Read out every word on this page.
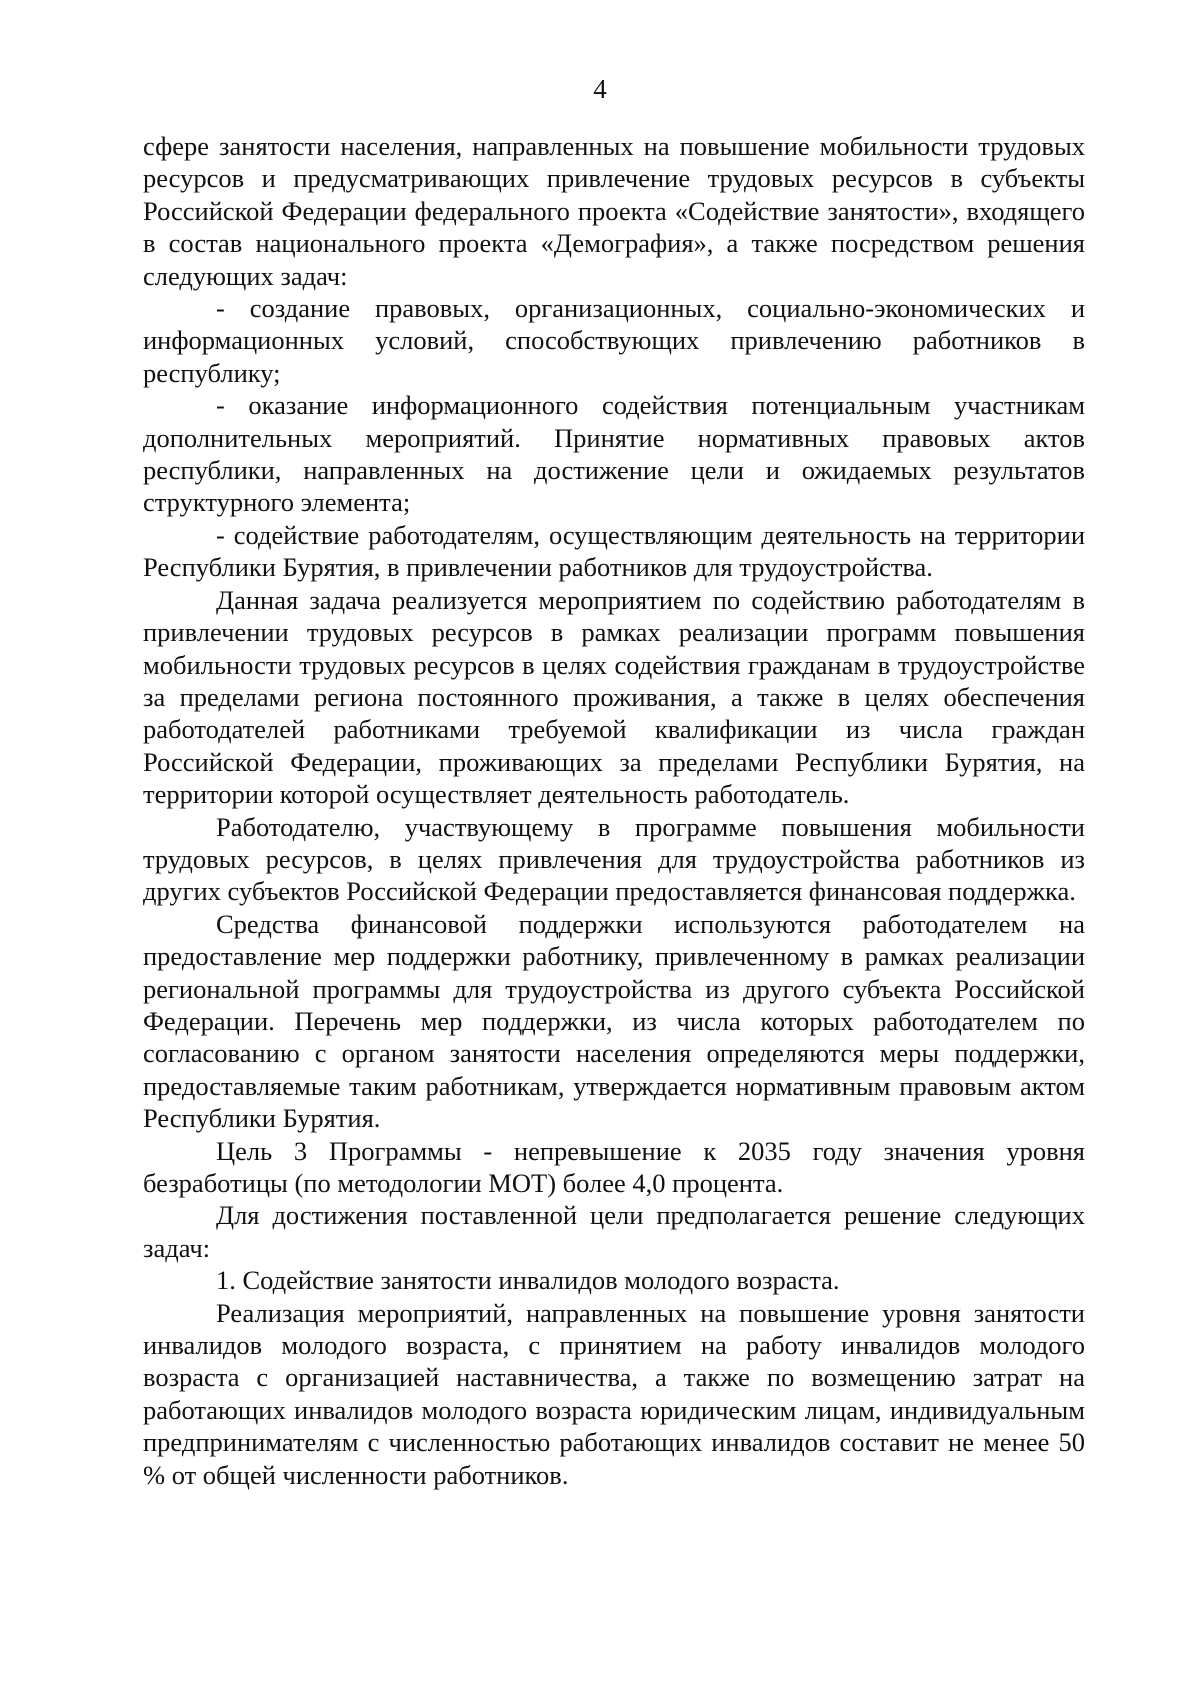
4

сфере занятости населения, направленных на повышение мобильности трудовых ресурсов и предусматривающих привлечение трудовых ресурсов в субъекты Российской Федерации федерального проекта «Содействие занятости», входящего в состав национального проекта «Демография», а также посредством решения следующих задач:

- создание правовых, организационных, социально-экономических и информационных условий, способствующих привлечению работников в республику;

- оказание информационного содействия потенциальным участникам дополнительных мероприятий. Принятие нормативных правовых актов республики, направленных на достижение цели и ожидаемых результатов структурного элемента;

- содействие работодателям, осуществляющим деятельность на территории Республики Бурятия, в привлечении работников для трудоустройства.

Данная задача реализуется мероприятием по содействию работодателям в привлечении трудовых ресурсов в рамках реализации программ повышения мобильности трудовых ресурсов в целях содействия гражданам в трудоустройстве за пределами региона постоянного проживания, а также в целях обеспечения работодателей работниками требуемой квалификации из числа граждан Российской Федерации, проживающих за пределами Республики Бурятия, на территории которой осуществляет деятельность работодатель.

Работодателю, участвующему в программе повышения мобильности трудовых ресурсов, в целях привлечения для трудоустройства работников из других субъектов Российской Федерации предоставляется финансовая поддержка.

Средства финансовой поддержки используются работодателем на предоставление мер поддержки работнику, привлеченному в рамках реализации региональной программы для трудоустройства из другого субъекта Российской Федерации. Перечень мер поддержки, из числа которых работодателем по согласованию с органом занятости населения определяются меры поддержки, предоставляемые таким работникам, утверждается нормативным правовым актом Республики Бурятия.

Цель 3 Программы - непревышение к 2035 году значения уровня безработицы (по методологии МОТ) более 4,0 процента.

Для достижения поставленной цели предполагается решение следующих задач:

1. Содействие занятости инвалидов молодого возраста.

Реализация мероприятий, направленных на повышение уровня занятости инвалидов молодого возраста, с принятием на работу инвалидов молодого возраста с организацией наставничества, а также по возмещению затрат на работающих инвалидов молодого возраста юридическим лицам, индивидуальным предпринимателям с численностью работающих инвалидов составит не менее 50 % от общей численности работников.
